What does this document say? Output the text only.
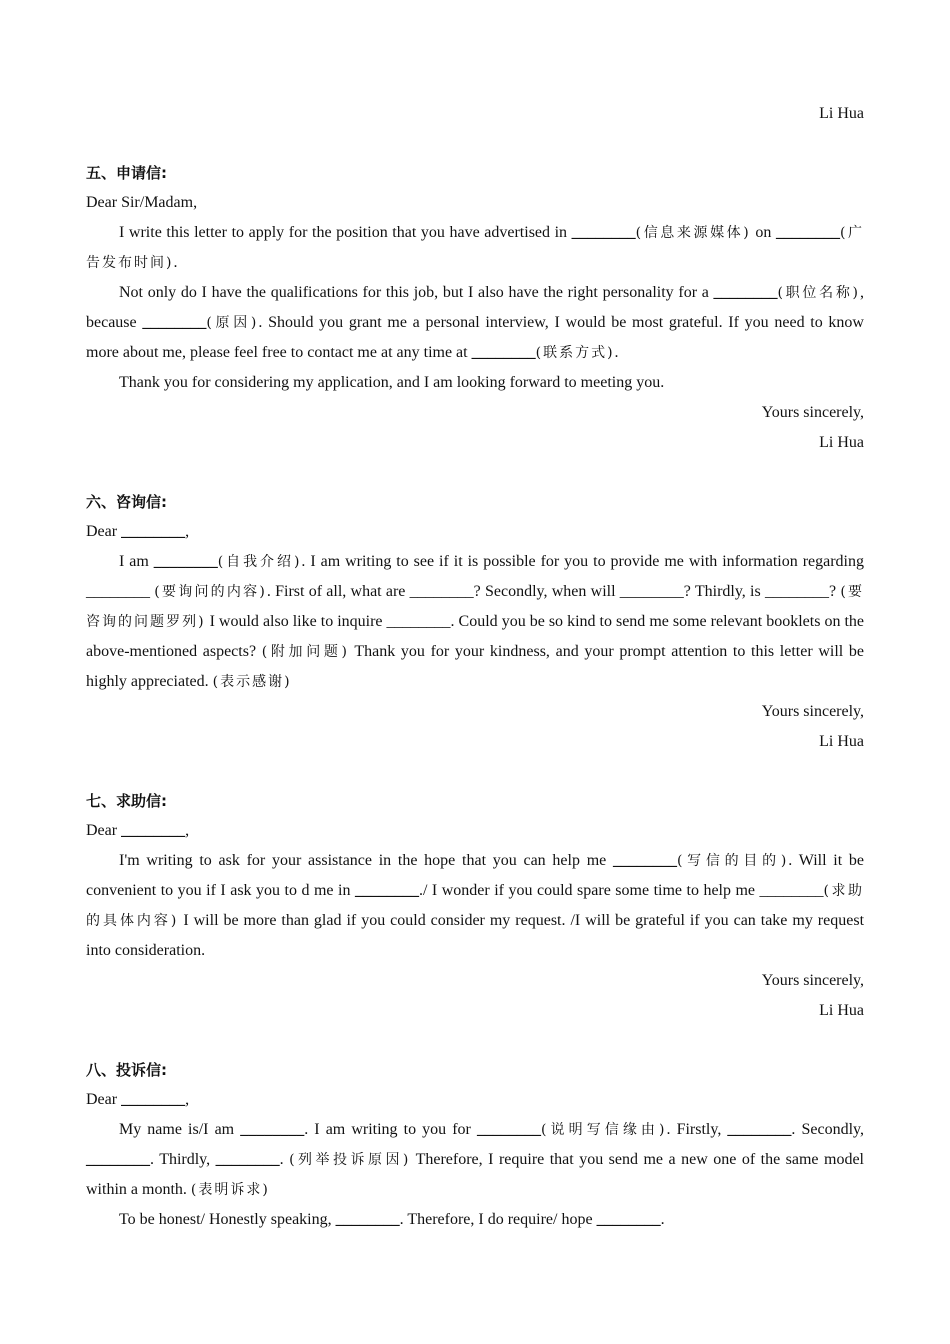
Li Hua

五、申请信:

Dear Sir/Madam,

I write this letter to apply for the position that you have advertised in ________(信息来源媒体) on ________(广告发布时间).

Not only do I have the qualifications for this job, but I also have the right personality for a ________(职位名称), because ________(原因). Should you grant me a personal interview, I would be most grateful. If you need to know more about me, please feel free to contact me at any time at ________(联系方式).

Thank you for considering my application, and I am looking forward to meeting you.

Yours sincerely,

Li Hua

六、咨询信:

Dear ________,

I am ________(自我介绍). I am writing to see if it is possible for you to provide me with information regarding ________ (要询问的内容). First of all, what are ________? Secondly, when will ________? Thirdly, is ________? (要咨询的问题罗列) I would also like to inquire ________. Could you be so kind to send me some relevant booklets on the above-mentioned aspects? (附加问题) Thank you for your kindness, and your prompt attention to this letter will be highly appreciated. (表示感谢)

Yours sincerely,

Li Hua

七、求助信:

Dear ________,

I'm writing to ask for your assistance in the hope that you can help me ________(写信的目的). Will it be convenient to you if I ask you to d me in ________./ I wonder if you could spare some time to help me ________(求助的具体内容) I will be more than glad if you could consider my request. /I will be grateful if you can take my request into consideration.

Yours sincerely,

Li Hua

八、投诉信:

Dear ________,

My name is/I am ________. I am writing to you for ________(说明写信缘由). Firstly, ________. Secondly, ________. Thirdly, ________. (列举投诉原因) Therefore, I require that you send me a new one of the same model within a month. (表明诉求)

To be honest/ Honestly speaking, ________. Therefore, I do require/ hope ________.
